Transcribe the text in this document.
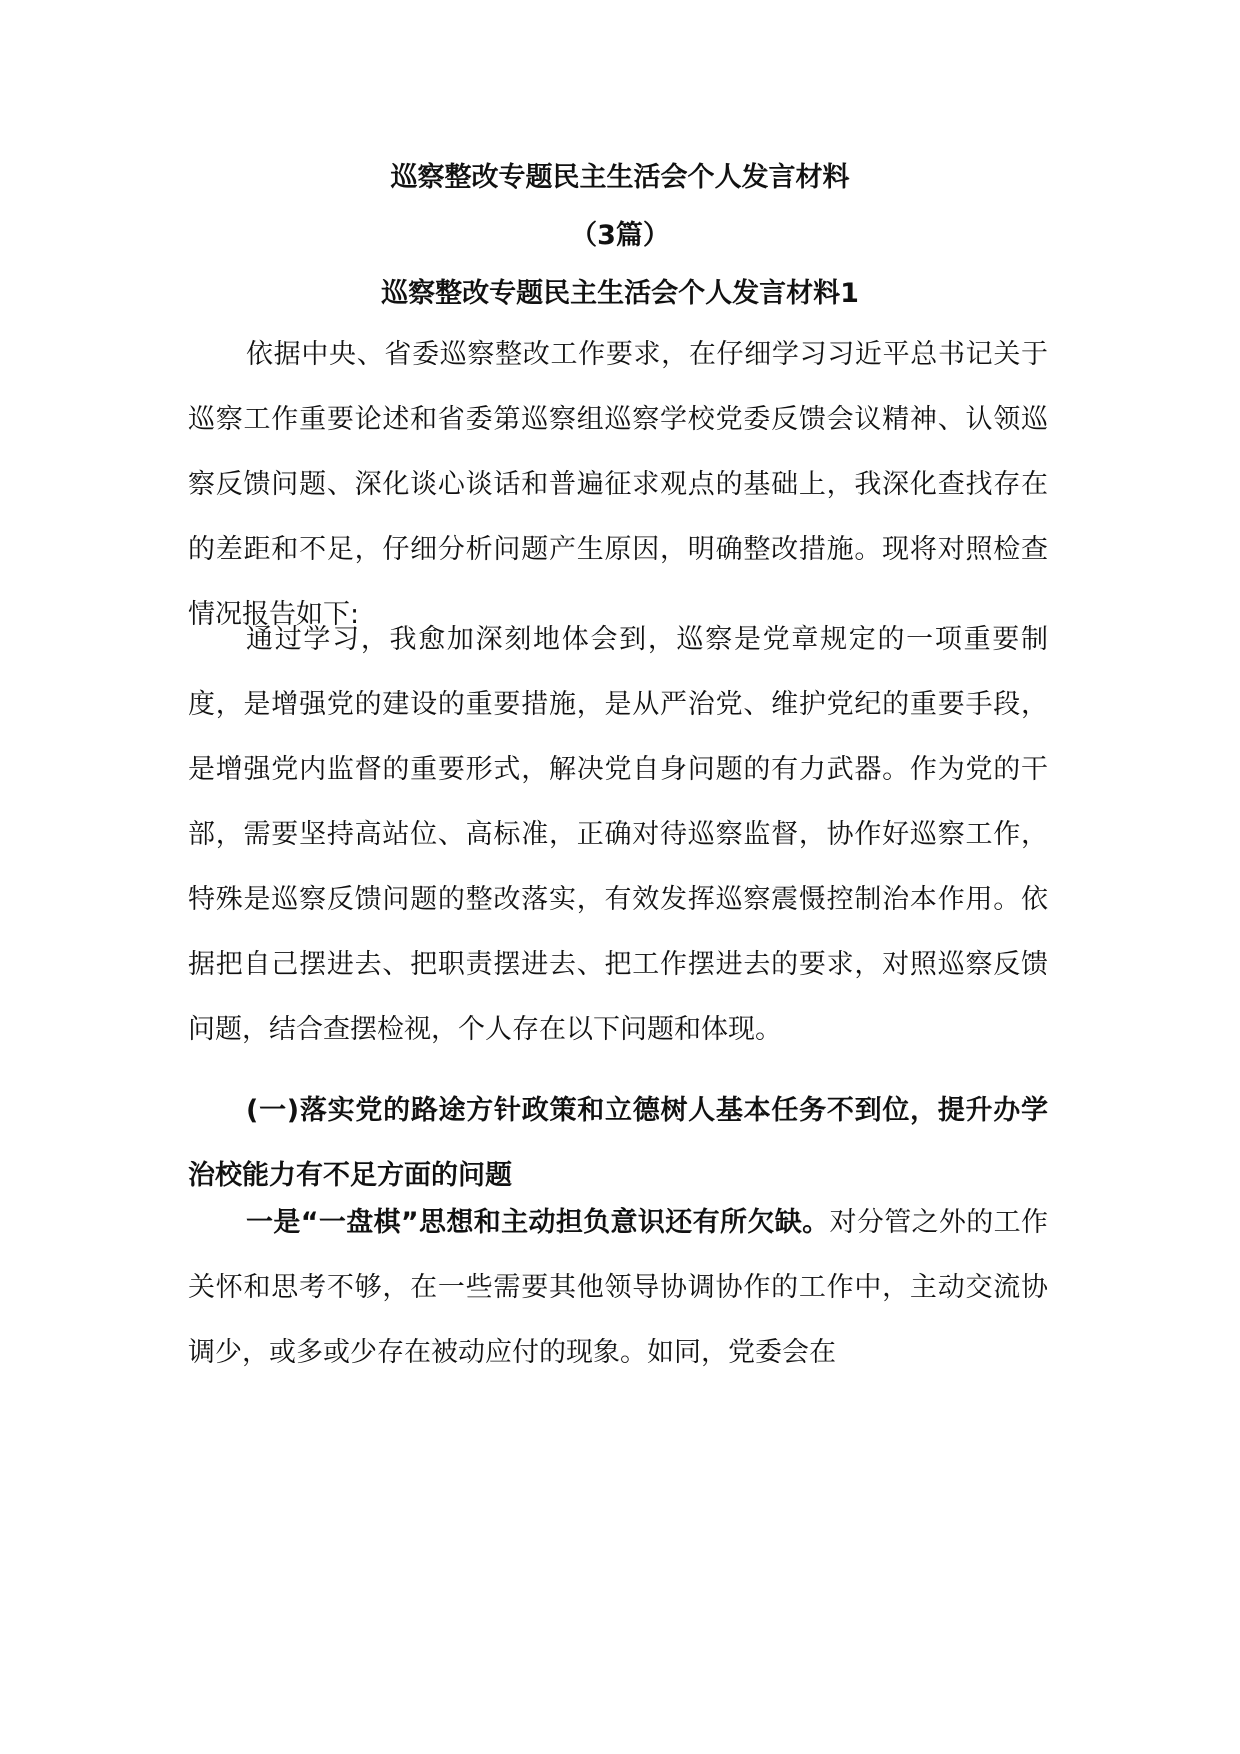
巡察整改专题民主生活会个人发言材料
（3篇）
巡察整改专题民主生活会个人发言材料1

依据中央、省委巡察整改工作要求，在仔细学习习近平总书记关于巡察工作重要论述和省委第巡察组巡察学校党委反馈会议精神、认领巡察反馈问题、深化谈心谈话和普遍征求观点的基础上，我深化查找存在的差距和不足，仔细分析问题产生原因，明确整改措施。现将对照检查情况报告如下:

通过学习，我愈加深刻地体会到，巡察是党章规定的一项重要制度，是增强党的建设的重要措施，是从严治党、维护党纪的重要手段，是增强党内监督的重要形式，解决党自身问题的有力武器。作为党的干部，需要坚持高站位、高标准，正确对待巡察监督，协作好巡察工作，特殊是巡察反馈问题的整改落实，有效发挥巡察震慑控制治本作用。依据把自己摆进去、把职责摆进去、把工作摆进去的要求，对照巡察反馈问题，结合查摆检视，个人存在以下问题和体现。

(一)落实党的路途方针政策和立德树人基本任务不到位，提升办学治校能力有不足方面的问题

一是“一盘棋”思想和主动担负意识还有所欠缺。对分管之外的工作关怀和思考不够，在一些需要其他领导协调协作的工作中，主动交流协调少，或多或少存在被动应付的现象。如同，党委会在
